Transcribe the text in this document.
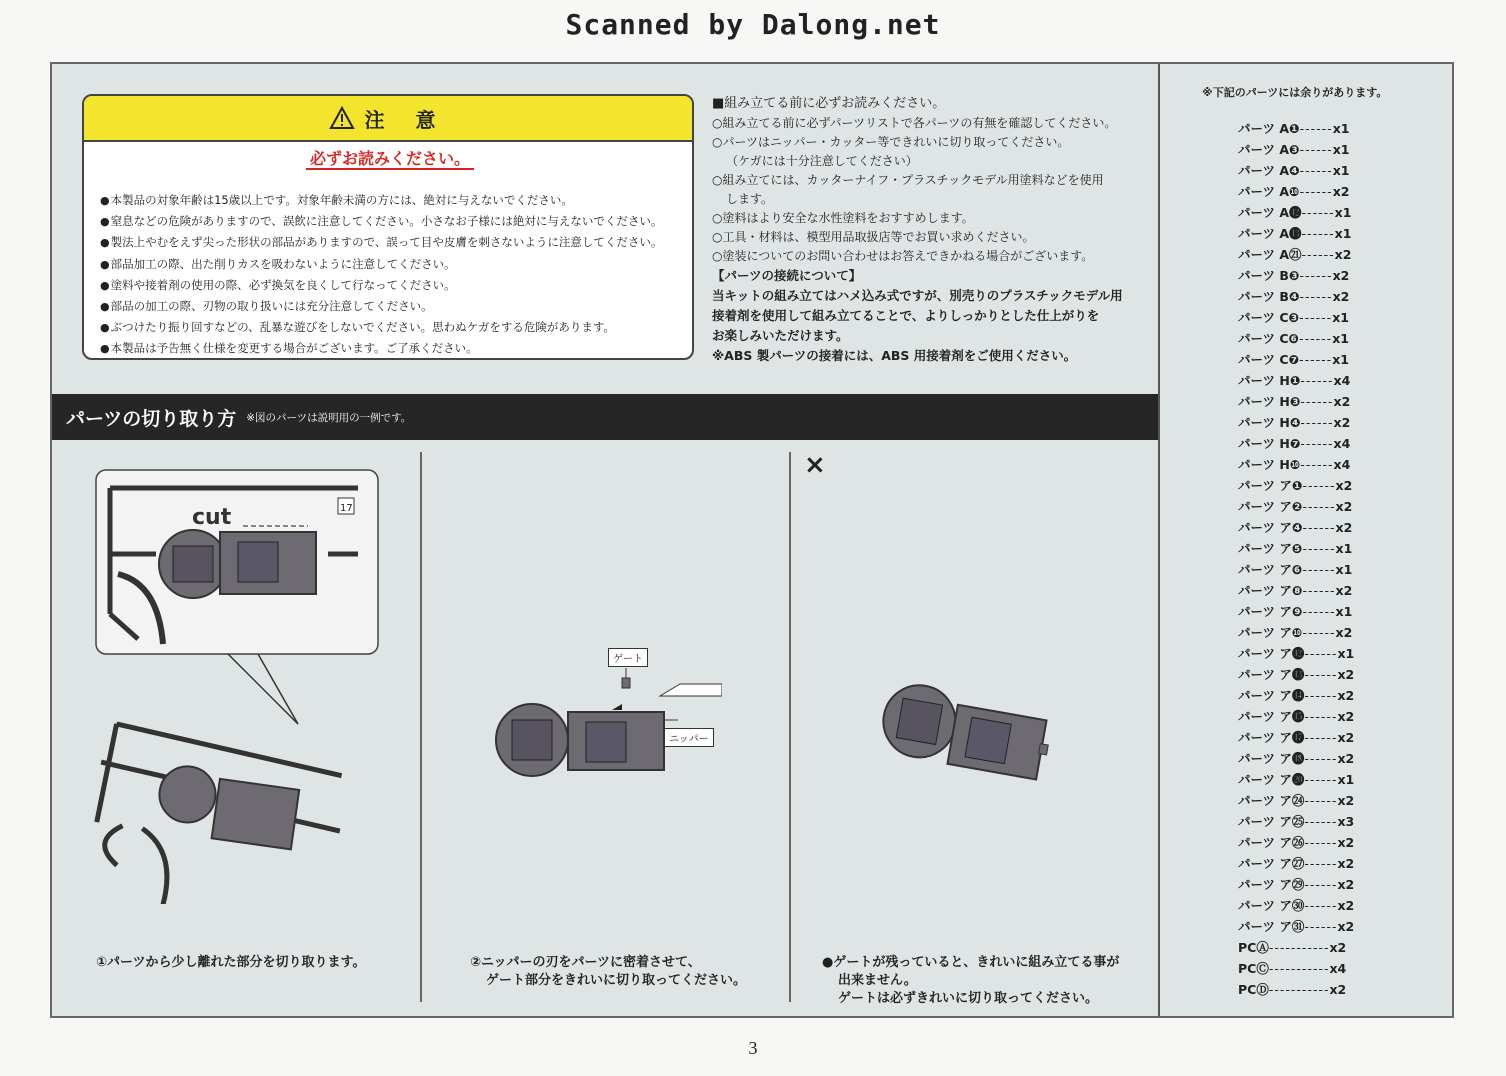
Scanned by Dalong.net
注 意
必ずお読みください。
● 本製品の対象年齢は15歳以上です。対象年齢未満の方には、絶対に与えないでください。
● 窒息などの危険がありますので、誤飲に注意してください。小さなお子様には絶対に与えないでください。
● 製法上やむをえず尖った形状の部品がありますので、誤って目や皮膚を刺さないように注意してください。
● 部品加工の際、出た削りカスを吸わないように注意してください。
● 塗料や接着剤の使用の際、必ず換気を良くして行なってください。
● 部品の加工の際、刃物の取り扱いには充分注意してください。
● ぶつけたり振り回すなどの、乱暴な遊びをしないでください。思わぬケガをする危険があります。
● 本製品は予告無く仕様を変更する場合がございます。ご了承ください。
■組み立てる前に必ずお読みください。
○組み立てる前に必ずパーツリストで各パーツの有無を確認してください。
○パーツはニッパー・カッター等できれいに切り取ってください。
（ケガには十分注意してください）
○組み立てには、カッターナイフ・プラスチックモデル用塗料などを使用
します。
○塗料はより安全な水性塗料をおすすめします。
○工具・材料は、模型用品取扱店等でお買い求めください。
○塗装についてのお問い合わせはお答えできかねる場合がございます。
【パーツの接続について】
当キットの組み立てはハメ込み式ですが、別売りのプラスチックモデル用
接着剤を使用して組み立てることで、よりしっかりとした仕上がりを
お楽しみいただけます。
※ABS 製パーツの接着には、ABS 用接着剤をご使用ください。
パーツの切り取り方 ※図のパーツは説明用の一例です。
17
cut
①パーツから少し離れた部分を切り取ります。
ゲート
ニッパー
②ニッパーの刃をパーツに密着させて、
ゲート部分をきれいに切り取ってください。
×
●ゲートが残っていると、きれいに組み立てる事が
出来ません。
ゲートは必ずきれいに切り取ってください。
※下記のパーツには余りがあります。
パーツ A❶------x1
パーツ A❸------x1
パーツ A❹------x1
パーツ A❿------x2
パーツ A⓬------x1
パーツ A⓭------x1
パーツ A㉑------x2
パーツ B❸------x2
パーツ B❹------x2
パーツ C❸------x1
パーツ C❻------x1
パーツ C❼------x1
パーツ H❶------x4
パーツ H❸------x2
パーツ H❹------x2
パーツ H❼------x4
パーツ H❿------x4
パーツ ア❶------x2
パーツ ア❷------x2
パーツ ア❹------x2
パーツ ア❺------x1
パーツ ア❻------x1
パーツ ア❽------x2
パーツ ア❾------x1
パーツ ア❿------x2
パーツ ア⓬------x1
パーツ ア⓭------x2
パーツ ア⓮------x2
パーツ ア⓯------x2
パーツ ア⓱------x2
パーツ ア⓲------x2
パーツ ア⓴------x1
パーツ ア㉔------x2
パーツ ア㉕------x3
パーツ ア㉖------x2
パーツ ア㉗------x2
パーツ ア㉙------x2
パーツ ア㉚------x2
パーツ ア㉛------x2
PCⒶ-----------x2
PCⒸ-----------x4
PCⒹ-----------x2
3
